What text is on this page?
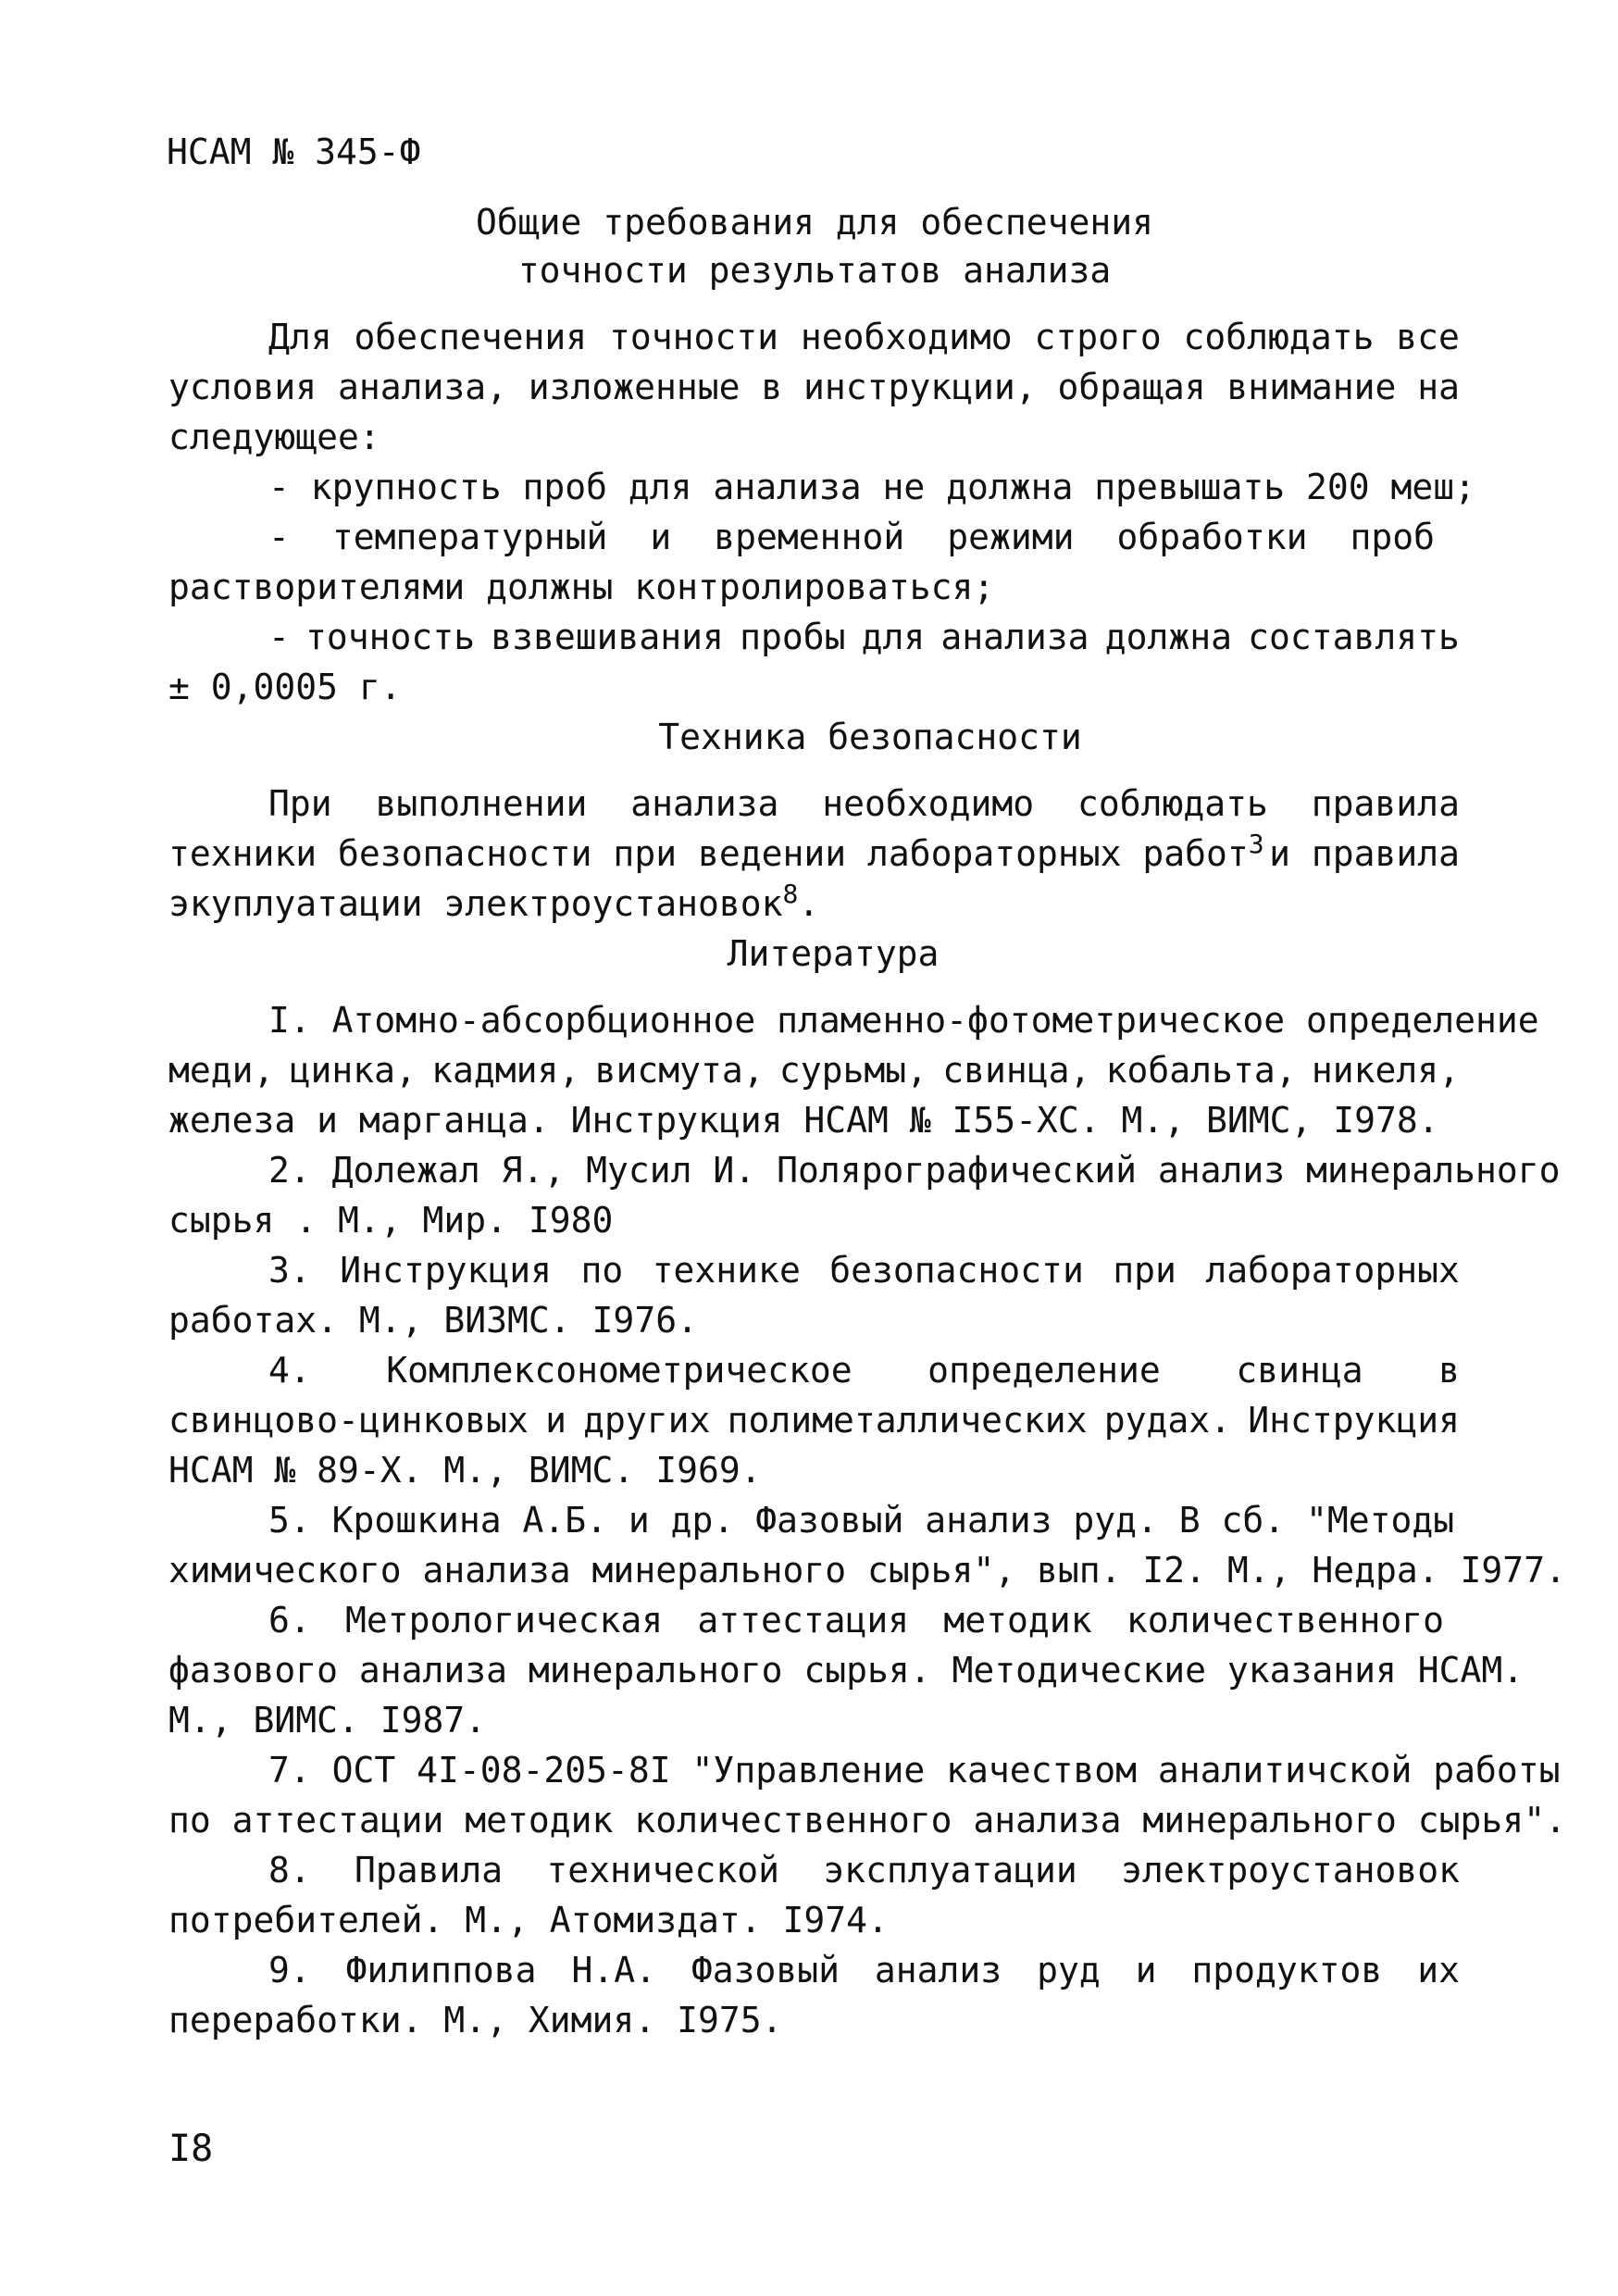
НСАМ № 345-Ф
Общие требования для обеспечения
точности результатов анализа
Для обеспечения точности необходимо строго соблюдать все
условия анализа, изложенные в инструкции, обращая внимание на
следующее:
- крупность проб для анализа не должна превышать 200 меш;
- температурный и временной режими обработки проб
растворителями должны контролироваться;
- точность взвешивания пробы для анализа должна составлять
± 0,0005 г.
Техника безопасности
При выполнении анализа необходимо соблюдать правила
техники безопасности при ведении лабораторных работ$^3$ и правила
экуплуатации электроустановок$^8$.
Литература
I. Атомно-абсорбционное пламенно-фотометрическое определение
меди, цинка, кадмия, висмута, сурьмы, свинца, кобальта, никеля,
железа и марганца. Инструкция НСАМ № I55-ХС. М., ВИМС, I978.
2. Долежал Я., Мусил И. Полярографический анализ минерального
сырья . М., Мир. I980
3. Инструкция по технике безопасности при лабораторных
работах. М., ВИЗМС. I976.
4. Комплексонометрическое определение свинца в
свинцово-цинковых и других полиметаллических рудах. Инструкция
НСАМ № 89-Х. М., ВИМС. I969.
5. Крошкина А.Б. и др. Фазовый анализ руд. В сб. "Методы
химического анализа минерального сырья", вып. I2. М., Недра. I977.
6. Метрологическая аттестация методик количественного
фазового анализа минерального сырья. Методические указания НСАМ.
М., ВИМС. I987.
7. ОСТ 4I-08-205-8I "Управление качеством аналитичской работы
по аттестации методик количественного анализа минерального сырья".
8. Правила технической эксплуатации электроустановок
потребителей. М., Атомиздат. I974.
9. Филиппова Н.А. Фазовый анализ руд и продуктов их
переработки. М., Химия. I975.
I8
